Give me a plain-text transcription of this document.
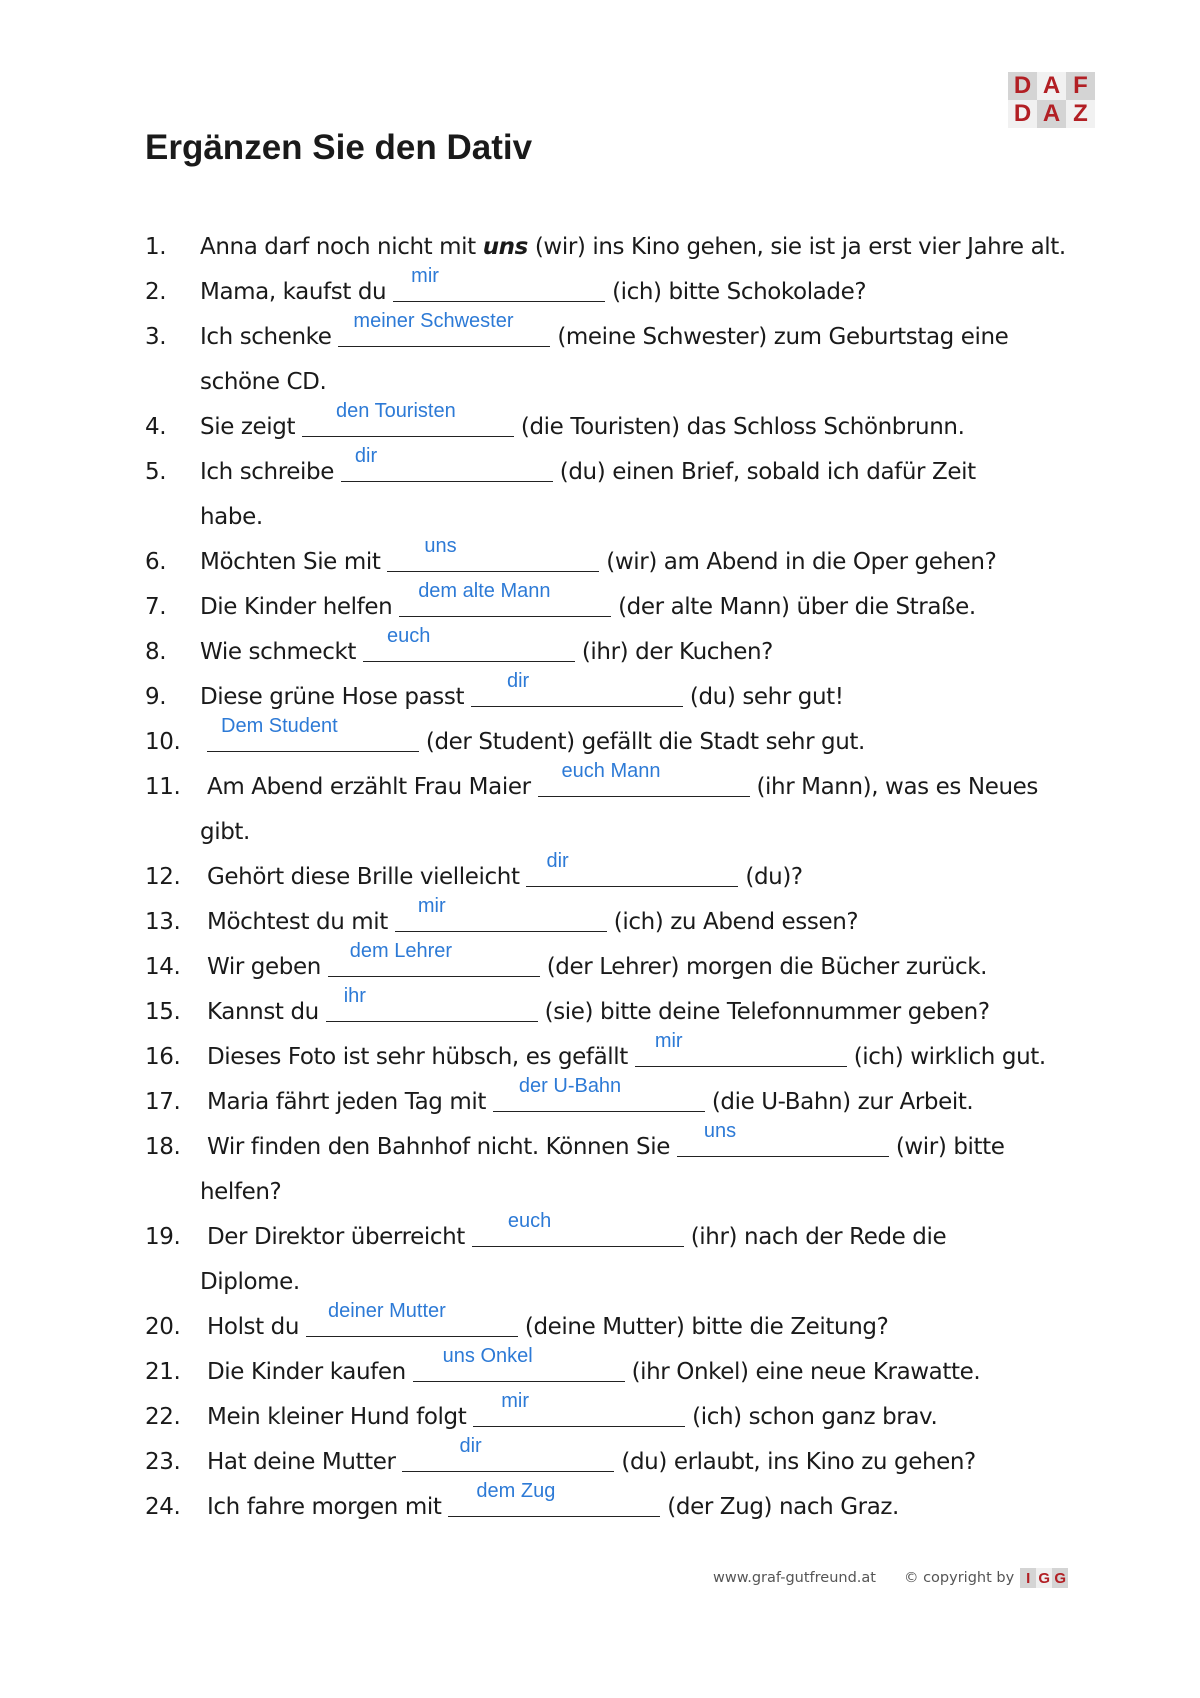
D A F
D A Z
Ergänzen Sie den Dativ
1. Anna darf noch nicht mit uns (wir) ins Kino gehen, sie ist ja erst vier Jahre alt.
2. Mama, kaufst du
mir
(ich) bitte Schokolade?
3. Ich schenke
meiner Schwester
(meine Schwester) zum Geburtstag eine
schöne CD.
4. Sie zeigt
den Touristen
(die Touristen) das Schloss Schönbrunn.
5. Ich schreibe
dir
(du) einen Brief, sobald ich dafür Zeit
habe.
6. Möchten Sie mit
uns
(wir) am Abend in die Oper gehen?
7. Die Kinder helfen
dem alte Mann
(der alte Mann) über die Straße.
8. Wie schmeckt
euch
(ihr) der Kuchen?
9. Diese grüne Hose passt
dir
(du) sehr gut!
10.
Dem Student
(der Student) gefällt die Stadt sehr gut.
11. Am Abend erzählt Frau Maier
euch Mann
(ihr Mann), was es Neues
gibt.
12. Gehört diese Brille vielleicht
dir
(du)?
13. Möchtest du mit
mir
(ich) zu Abend essen?
14. Wir geben
dem Lehrer
(der Lehrer) morgen die Bücher zurück.
15. Kannst du
ihr
(sie) bitte deine Telefonnummer geben?
16. Dieses Foto ist sehr hübsch, es gefällt
mir
(ich) wirklich gut.
17. Maria fährt jeden Tag mit
der U-Bahn
(die U-Bahn) zur Arbeit.
18. Wir finden den Bahnhof nicht. Können Sie
uns
(wir) bitte
helfen?
19. Der Direktor überreicht
euch
(ihr) nach der Rede die
Diplome.
20. Holst du
deiner Mutter
(deine Mutter) bitte die Zeitung?
21. Die Kinder kaufen
uns Onkel
(ihr Onkel) eine neue Krawatte.
22. Mein kleiner Hund folgt
mir
(ich) schon ganz brav.
23. Hat deine Mutter
dir
(du) erlaubt, ins Kino zu gehen?
24. Ich fahre morgen mit
dem Zug
(der Zug) nach Graz.
www.graf-gutfreund.at © copyright by I G G
